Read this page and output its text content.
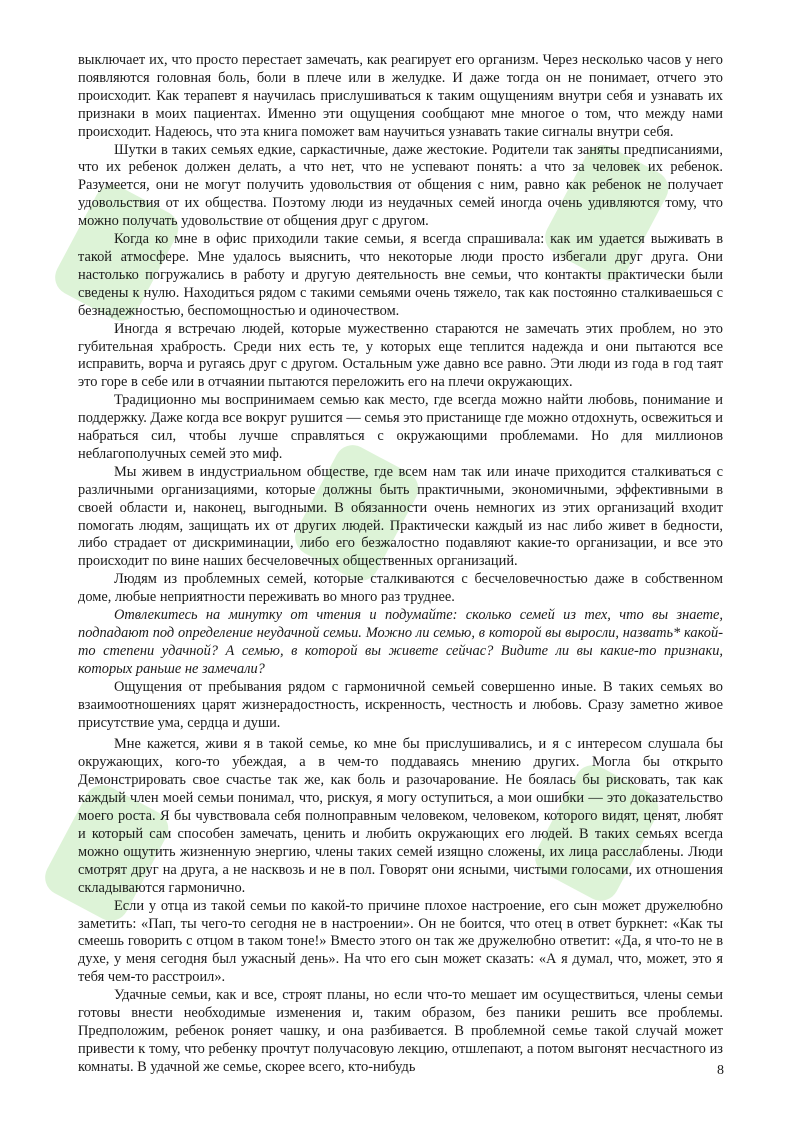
выключает их, что просто перестает замечать, как реагирует его организм. Через несколько часов у него появляются головная боль, боли в плече или в желудке. И даже тогда он не понимает, отчего это происходит. Как терапевт я научилась прислушиваться к таким ощущениям внутри себя и узнавать их признаки в моих пациентах. Именно эти ощущения сообщают мне многое о том, что между нами происходит. Надеюсь, что эта книга поможет вам научиться узнавать такие сигналы внутри себя.

Шутки в таких семьях едкие, саркастичные, даже жестокие. Родители так заняты предписаниями, что их ребенок должен делать, а что нет, что не успевают понять: а что за человек их ребенок. Разумеется, они не могут получить удовольствия от общения с ним, равно как ребенок не получает удовольствия от их общества. Поэтому люди из неудачных семей иногда очень удивляются тому, что можно получать удовольствие от общения друг с другом.

Когда ко мне в офис приходили такие семьи, я всегда спрашивала: как им удается выживать в такой атмосфере. Мне удалось выяснить, что некоторые люди просто избегали друг друга. Они настолько погружались в работу и другую деятельность вне семьи, что контакты практически были сведены к нулю. Находиться рядом с такими семьями очень тяжело, так как постоянно сталкиваешься с безнадежностью, беспомощностью и одиночеством.

Иногда я встречаю людей, которые мужественно стараются не замечать этих проблем, но это губительная храбрость. Среди них есть те, у которых еще теплится надежда и они пытаются все исправить, ворча и ругаясь друг с другом. Остальным уже давно все равно. Эти люди из года в год таят это горе в себе или в отчаянии пытаются переложить его на плечи окружающих.

Традиционно мы воспринимаем семью как место, где всегда можно найти любовь, понимание и поддержку. Даже когда все вокруг рушится — семья это пристанище где можно отдохнуть, освежиться и набраться сил, чтобы лучше справляться с окружающими проблемами. Но для миллионов неблагополучных семей это миф.

Мы живем в индустриальном обществе, где всем нам так или иначе приходится сталкиваться с различными организациями, которые должны быть практичными, экономичными, эффективными в своей области и, наконец, выгодными. В обязанности очень немногих из этих организаций входит помогать людям, защищать их от других людей. Практически каждый из нас либо живет в бедности, либо страдает от дискриминации, либо его безжалостно подавляют какие-то организации, и все это происходит по вине наших бесчеловечных общественных организаций.

Людям из проблемных семей, которые сталкиваются с бесчеловечностью даже в собственном доме, любые неприятности переживать во много раз труднее.

Отвлекитесь на минутку от чтения и подумайте: сколько семей из тех, что вы знаете, подпадают под определение неудачной семьи. Можно ли семью, в которой вы выросли, назвать* какой-то степени удачной? А семью, в которой вы живете сейчас? Видите ли вы какие-то признаки, которых раньше не замечали?

Ощущения от пребывания рядом с гармоничной семьей совершенно иные. В таких семьях во взаимоотношениях царят жизнерадостность, искренность, честность и любовь. Сразу заметно живое присутствие ума, сердца и души.

Мне кажется, живи я в такой семье, ко мне бы прислушивались, и я с интересом слушала бы окружающих, кого-то убеждая, а в чем-то поддаваясь мнению других. Могла бы открыто Демонстрировать свое счастье так же, как боль и разочарование. Не боялась бы рисковать, так как каждый член моей семьи понимал, что, рискуя, я могу оступиться, а мои ошибки — это доказательство моего роста. Я бы чувствовала себя полноправным человеком, человеком, которого видят, ценят, любят и который сам способен замечать, ценить и любить окружающих его людей. В таких семьях всегда можно ощутить жизненную энергию, члены таких семей изящно сложены, их лица расслаблены. Люди смотрят друг на друга, а не насквозь и не в пол. Говорят они ясными, чистыми голосами, их отношения складываются гармонично.

Если у отца из такой семьи по какой-то причине плохое настроение, его сын может дружелюбно заметить: «Пап, ты чего-то сегодня не в настроении». Он не боится, что отец в ответ буркнет: «Как ты смеешь говорить с отцом в таком тоне!» Вместо этого он так же дружелюбно ответит: «Да, я что-то не в духе, у меня сегодня был ужасный день». На что его сын может сказать: «А я думал, что, может, это я тебя чем-то расстроил».

Удачные семьи, как и все, строят планы, но если что-то мешает им осуществиться, члены семьи готовы внести необходимые изменения и, таким образом, без паники решить все проблемы. Предположим, ребенок роняет чашку, и она разбивается. В проблемной семье такой случай может привести к тому, что ребенку прочтут получасовую лекцию, отшлепают, а потом выгонят несчастного из комнаты. В удачной же семье, скорее всего, кто-нибудь	8
